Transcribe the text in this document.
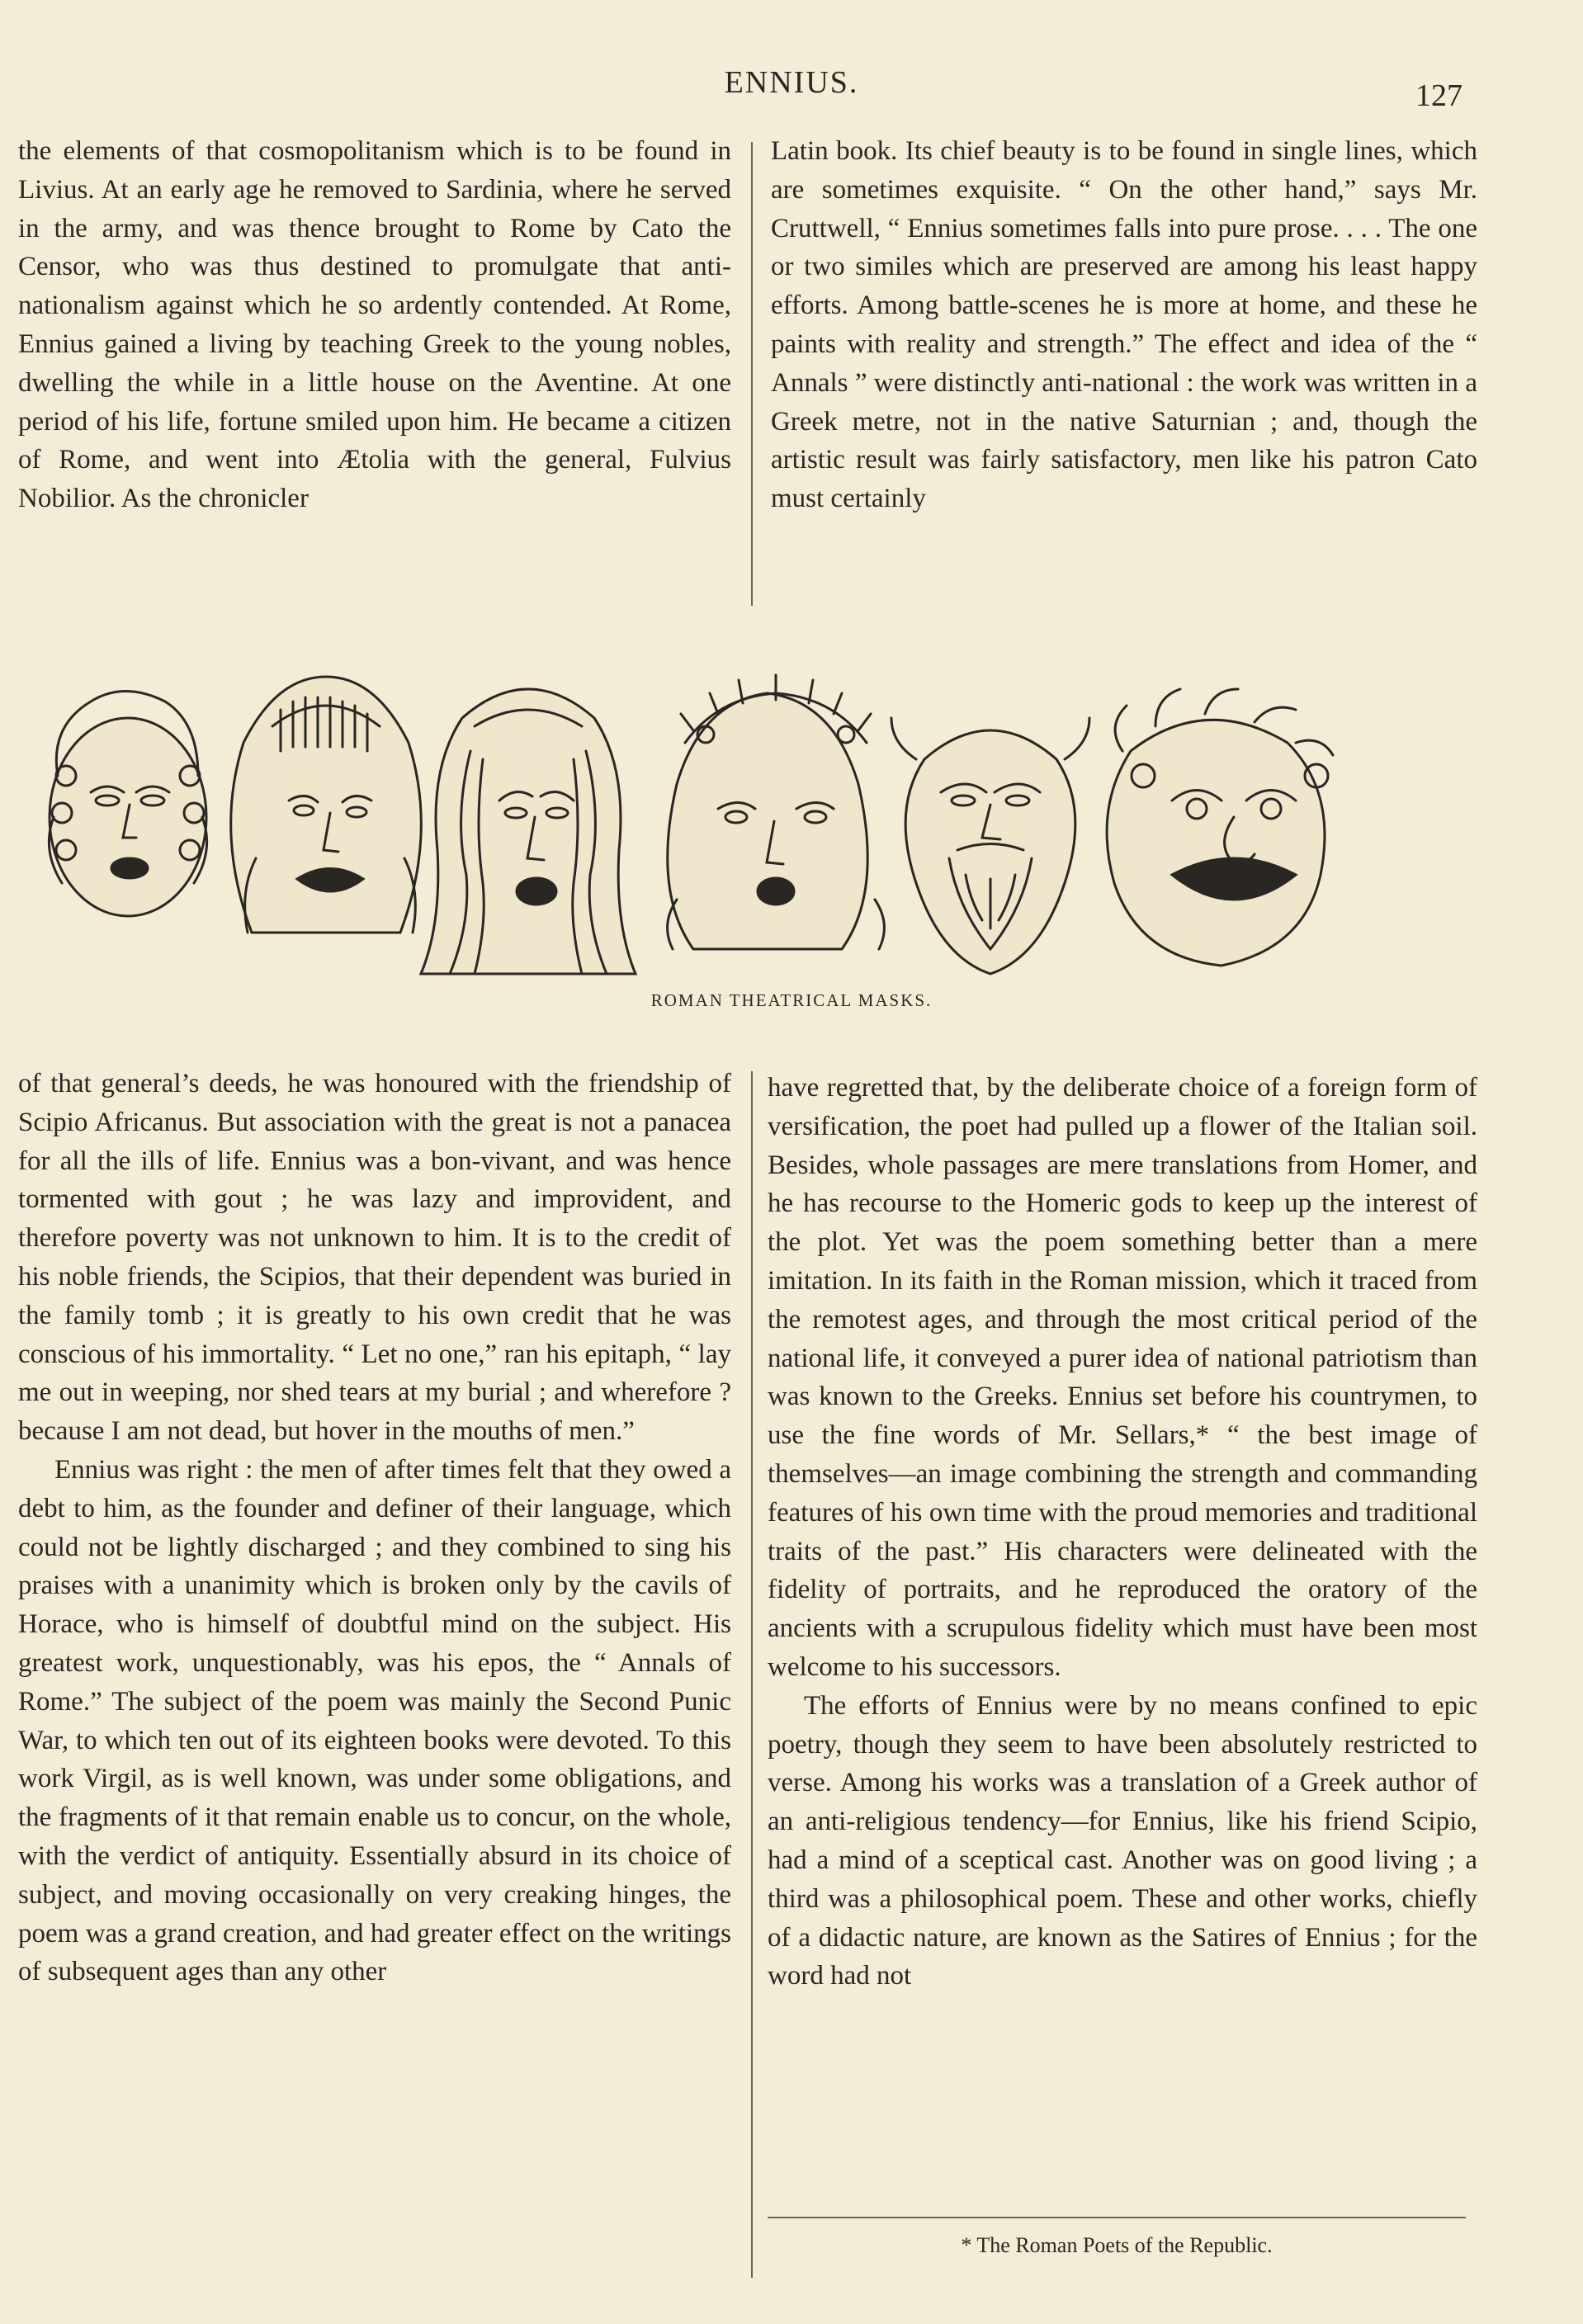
ENNIUS.	127

the elements of that cosmopolitanism which is to be found in Livius. At an early age he removed to Sardinia, where he served in the army, and was thence brought to Rome by Cato the Censor, who was thus destined to promulgate that anti-nationalism against which he so ardently contended. At Rome, Ennius gained a living by teaching Greek to the young nobles, dwelling the while in a little house on the Aventine. At one period of his life, fortune smiled upon him. He became a citizen of Rome, and went into Ætolia with the general, Fulvius Nobilior. As the chronicler

Latin book. Its chief beauty is to be found in single lines, which are sometimes exquisite. “ On the other hand,” says Mr. Cruttwell, “ Ennius sometimes falls into pure prose. . . . The one or two similes which are preserved are among his least happy efforts. Among battle-scenes he is more at home, and these he paints with reality and strength.” The effect and idea of the “ Annals ” were distinctly anti-national : the work was written in a Greek metre, not in the native Saturnian ; and, though the artistic result was fairly satisfactory, men like his patron Cato must certainly

ROMAN THEATRICAL MASKS.

of that general’s deeds, he was honoured with the friendship of Scipio Africanus. But association with the great is not a panacea for all the ills of life. Ennius was a bon-vivant, and was hence tormented with gout ; he was lazy and improvident, and therefore poverty was not unknown to him. It is to the credit of his noble friends, the Scipios, that their dependent was buried in the family tomb ; it is greatly to his own credit that he was conscious of his immortality. “ Let no one,” ran his epitaph, “ lay me out in weeping, nor shed tears at my burial ; and wherefore ? because I am not dead, but hover in the mouths of men.”

Ennius was right : the men of after times felt that they owed a debt to him, as the founder and definer of their language, which could not be lightly discharged ; and they combined to sing his praises with a unanimity which is broken only by the cavils of Horace, who is himself of doubtful mind on the subject. His greatest work, unquestionably, was his epos, the “ Annals of Rome.” The subject of the poem was mainly the Second Punic War, to which ten out of its eighteen books were devoted. To this work Virgil, as is well known, was under some obligations, and the fragments of it that remain enable us to concur, on the whole, with the verdict of antiquity. Essentially absurd in its choice of subject, and moving occasionally on very creaking hinges, the poem was a grand creation, and had greater effect on the writings of subsequent ages than any other

have regretted that, by the deliberate choice of a foreign form of versification, the poet had pulled up a flower of the Italian soil. Besides, whole passages are mere translations from Homer, and he has recourse to the Homeric gods to keep up the interest of the plot. Yet was the poem something better than a mere imitation. In its faith in the Roman mission, which it traced from the remotest ages, and through the most critical period of the national life, it conveyed a purer idea of national patriotism than was known to the Greeks. Ennius set before his countrymen, to use the fine words of Mr. Sellars,* “ the best image of themselves—an image combining the strength and commanding features of his own time with the proud memories and traditional traits of the past.” His characters were delineated with the fidelity of portraits, and he reproduced the oratory of the ancients with a scrupulous fidelity which must have been most welcome to his successors.

The efforts of Ennius were by no means confined to epic poetry, though they seem to have been absolutely restricted to verse. Among his works was a translation of a Greek author of an anti-religious tendency—for Ennius, like his friend Scipio, had a mind of a sceptical cast. Another was on good living ; a third was a philosophical poem. These and other works, chiefly of a didactic nature, are known as the Satires of Ennius ; for the word had not

* The Roman Poets of the Republic.
